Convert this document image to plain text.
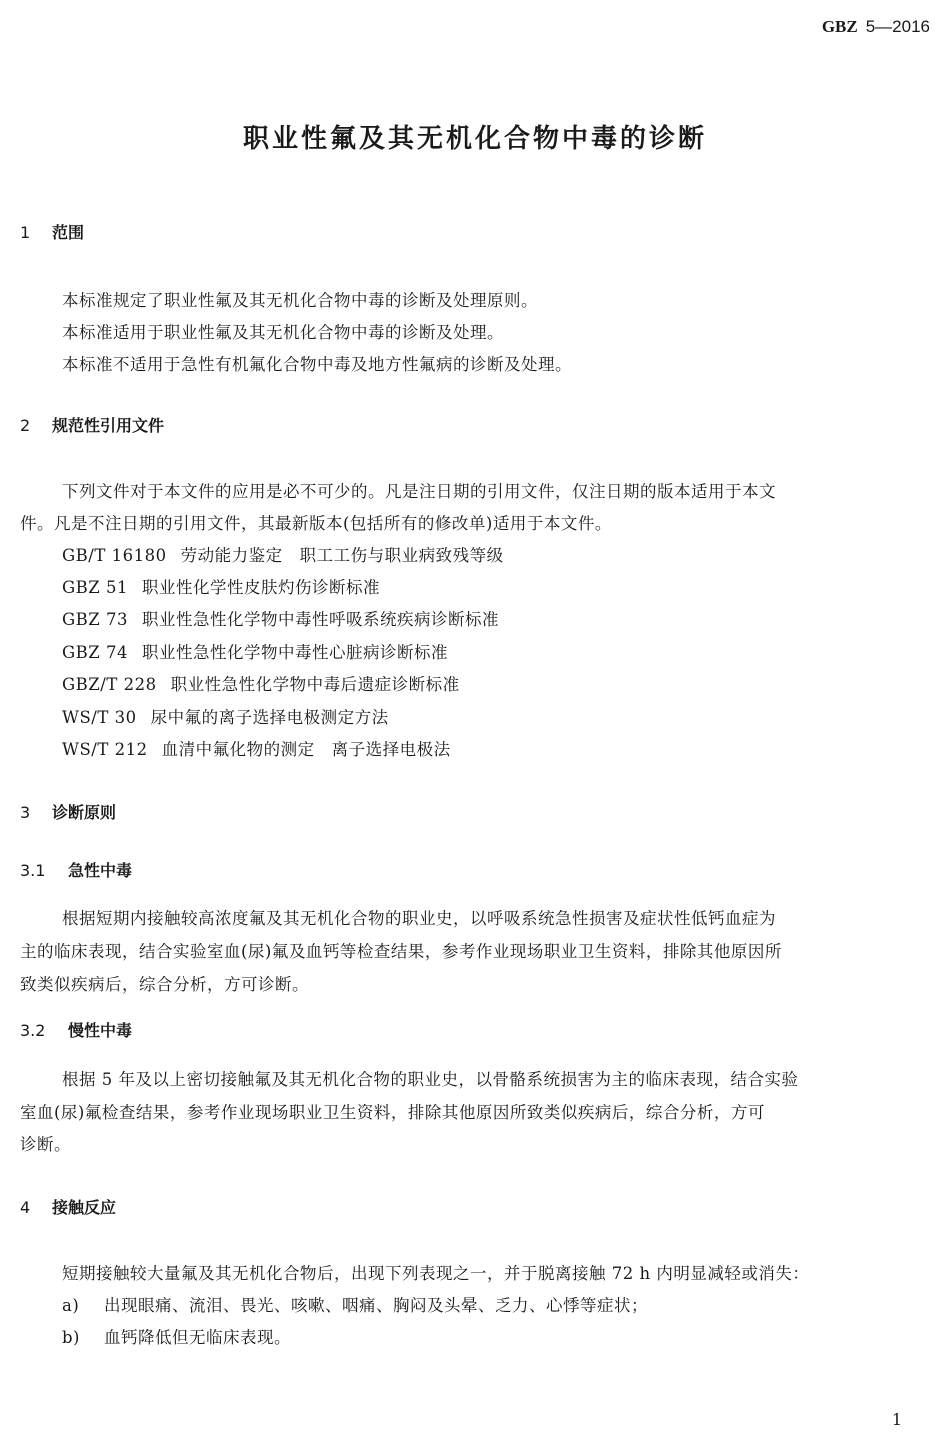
GBZ 5—2016
职业性氟及其无机化合物中毒的诊断
1 范围
本标准规定了职业性氟及其无机化合物中毒的诊断及处理原则。
本标准适用于职业性氟及其无机化合物中毒的诊断及处理。
本标准不适用于急性有机氟化合物中毒及地方性氟病的诊断及处理。
2 规范性引用文件
下列文件对于本文件的应用是必不可少的。凡是注日期的引用文件，仅注日期的版本适用于本文
件。凡是不注日期的引用文件，其最新版本(包括所有的修改单)适用于本文件。
GB/T 16180 劳动能力鉴定　职工工伤与职业病致残等级
GBZ 51 职业性化学性皮肤灼伤诊断标准
GBZ 73 职业性急性化学物中毒性呼吸系统疾病诊断标准
GBZ 74 职业性急性化学物中毒性心脏病诊断标准
GBZ/T 228 职业性急性化学物中毒后遗症诊断标准
WS/T 30 尿中氟的离子选择电极测定方法
WS/T 212 血清中氟化物的测定　离子选择电极法
3 诊断原则
3.1 急性中毒
根据短期内接触较高浓度氟及其无机化合物的职业史，以呼吸系统急性损害及症状性低钙血症为
主的临床表现，结合实验室血(尿)氟及血钙等检查结果，参考作业现场职业卫生资料，排除其他原因所
致类似疾病后，综合分析，方可诊断。
3.2 慢性中毒
根据 5 年及以上密切接触氟及其无机化合物的职业史，以骨骼系统损害为主的临床表现，结合实验
室血(尿)氟检查结果，参考作业现场职业卫生资料，排除其他原因所致类似疾病后，综合分析，方可
诊断。
4 接触反应
短期接触较大量氟及其无机化合物后，出现下列表现之一，并于脱离接触 72 h 内明显减轻或消失：
a) 出现眼痛、流泪、畏光、咳嗽、咽痛、胸闷及头晕、乏力、心悸等症状；
b) 血钙降低但无临床表现。
1
